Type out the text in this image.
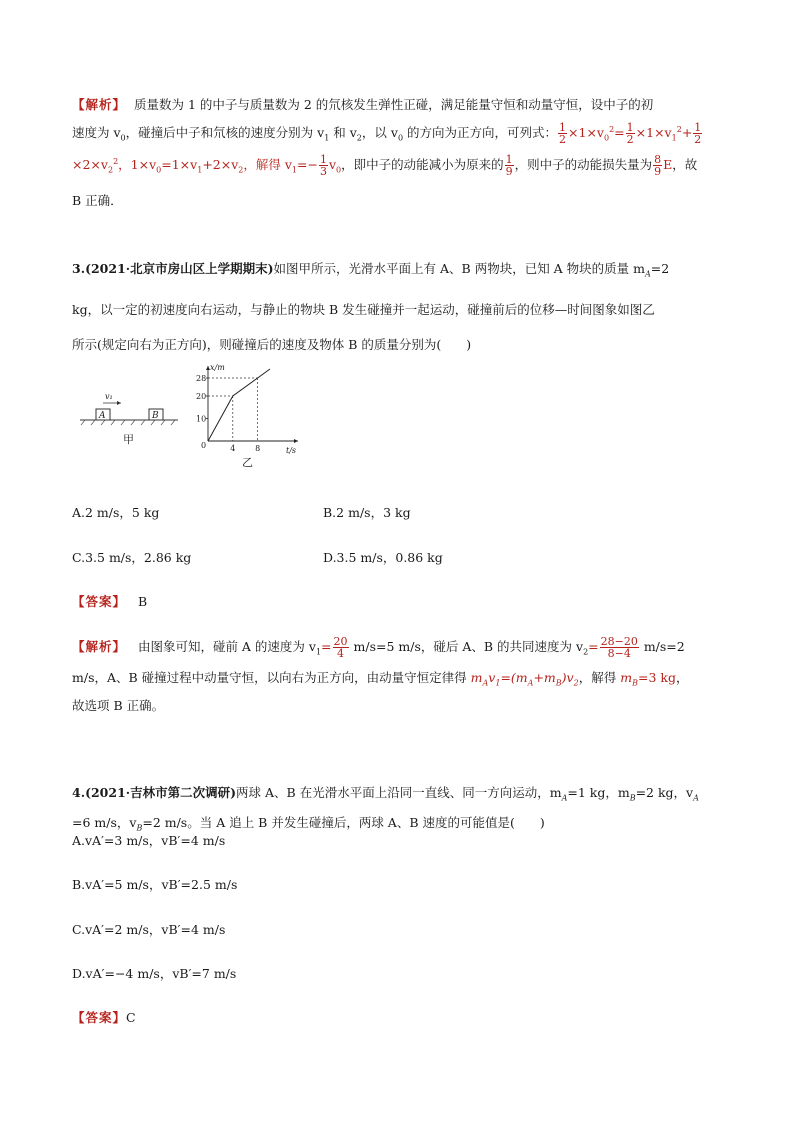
【解析】 质量数为 1 的中子与质量数为 2 的氘核发生弹性正碰，满足能量守恒和动量守恒，设中子的初
速度为 $v_0$，碰撞后中子和氘核的速度分别为 $v_1$ 和 $v_2$，以 $v_0$ 的方向为正方向，可列式： $\frac{1}{2} \times 1\times v_0^2= \frac{1}{2} \times 1\times v_1^2+ \frac{1}{2}$
$\times 2\times v_2^2$，$1\times v_0=1\times v_1+2\times v_2$，解得 $v_1=- \frac{1}{3} v_0$，即中子的动能减小为原来的 $\frac{1}{9}$ ，则中子的动能损失量为 $\frac{8}{9}$ E，故
B 正确．
3.(2021·北京市房山区上学期期末)如图甲所示，光滑水平面上有 A、B 两物块，已知 A 物块的质量 $m_A=2$
kg，以一定的初速度向右运动，与静止的物块 B 发生碰撞并一起运动，碰撞前后的位移—时间图象如图乙
所示(规定向右为正方向)，则碰撞后的速度及物体 B 的质量分别为(　　)
A	B
v₁
甲
x/m
t/s
0
10
20
28
4 8
乙
A.2 m/s，5 kg	B.2 m/s，3 kg
C.3.5 m/s，2.86 kg	D.3.5 m/s，0.86 kg
【答案】 B
【解析】 由图象可知，碰前 A 的速度为 $v_1= \frac{20}{4} m/s=5$ m/s，碰后 A、B 的共同速度为 $v_2= \frac{28-20}{8-4} m/s=2$
m/s，A、B 碰撞过程中动量守恒，以向右为正方向，由动量守恒定律得 $m_Av_1=(m_A+m_B)v_2$，解得 $m_B=3$ kg，
故选项 B 正确。
4.(2021·吉林市第二次调研)两球 A、B 在光滑水平面上沿同一直线、同一方向运动，$m_A=1$ kg，$m_B=2$ kg，$v_A$
=6 m/s，$v_B=2$ m/s。当 A 追上 B 并发生碰撞后，两球 A、B 速度的可能值是(　　)
A.vA′=3 m/s，vB′=4 m/s
B.vA′=5 m/s，vB′=2.5 m/s
C.vA′=2 m/s，vB′=4 m/s
D.vA′=−4 m/s，vB′=7 m/s
【答案】C
